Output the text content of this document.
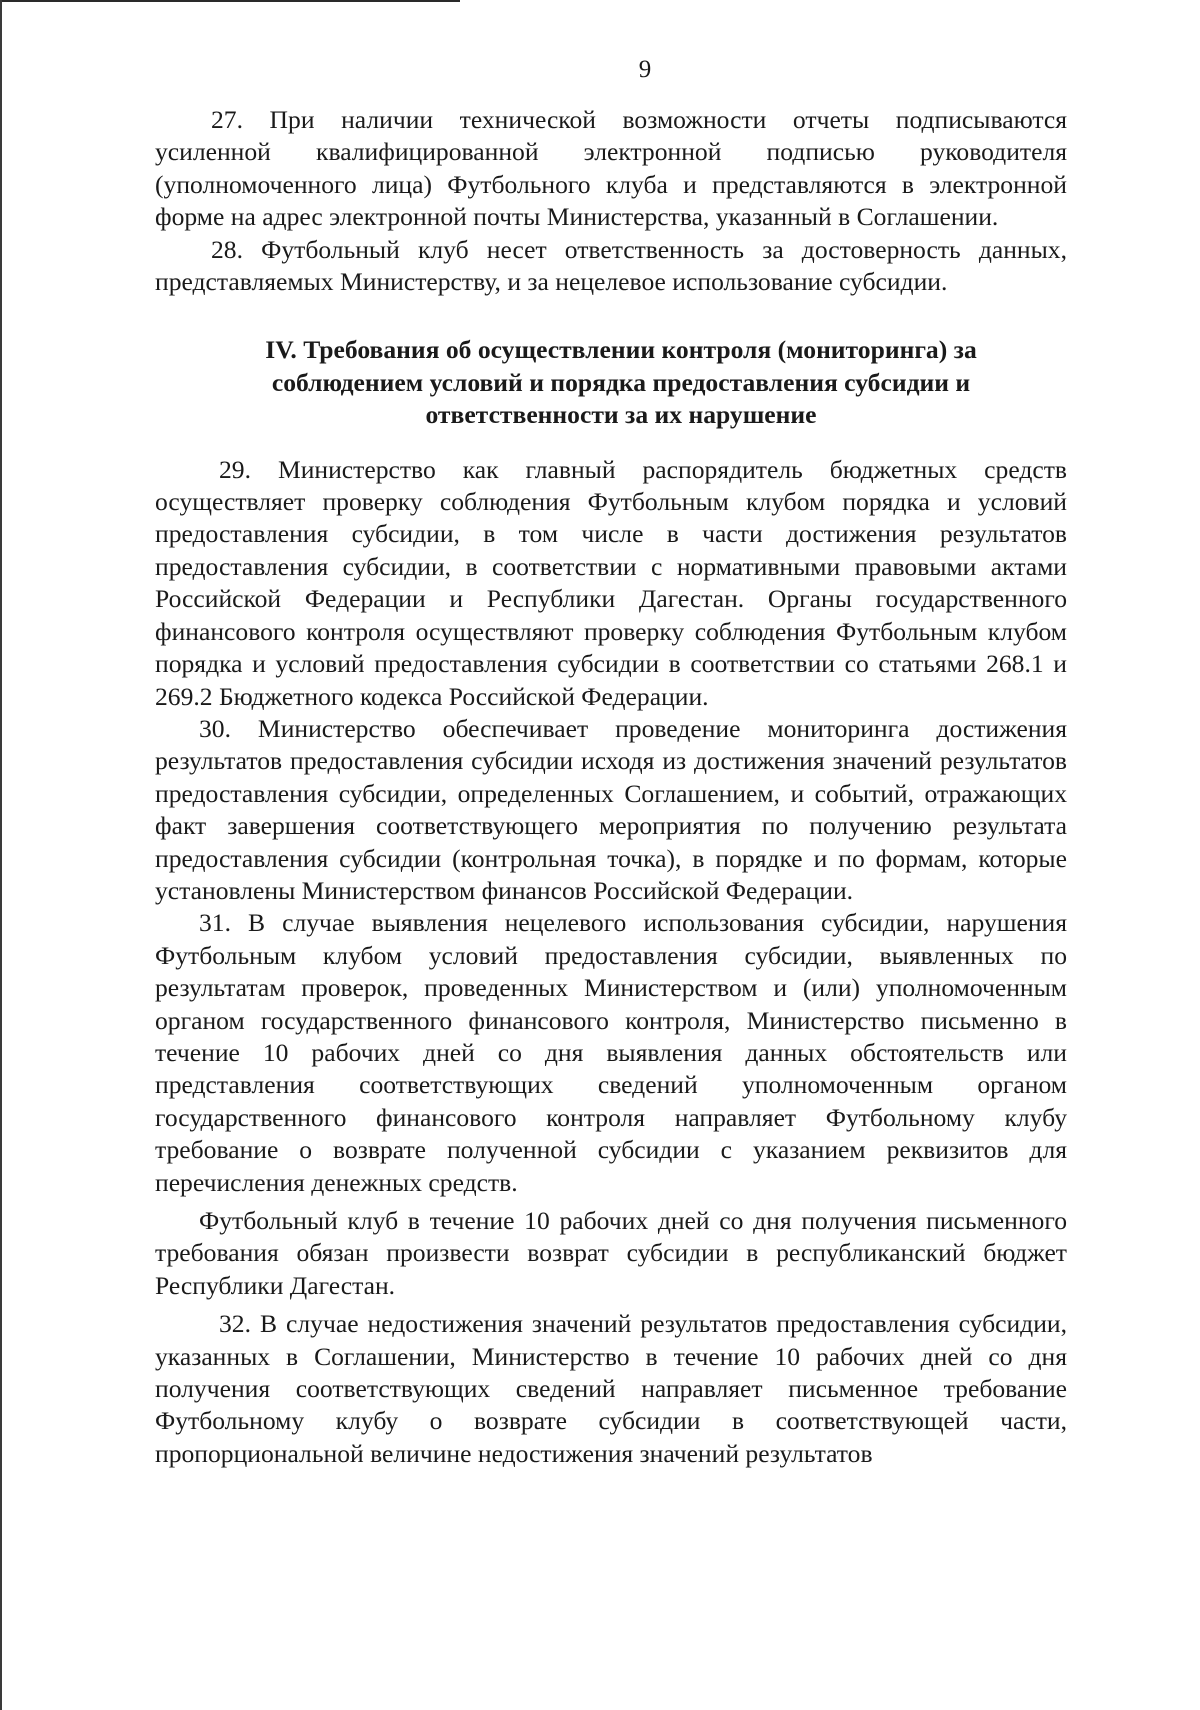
9

27. При наличии технической возможности отчеты подписываются усиленной квалифицированной электронной подписью руководителя (уполномоченного лица) Футбольного клуба и представляются в электронной форме на адрес электронной почты Министерства, указанный в Соглашении.

28. Футбольный клуб несет ответственность за достоверность данных, представляемых Министерству, и за нецелевое использование субсидии.

IV. Требования об осуществлении контроля (мониторинга) за соблюдением условий и порядка предоставления субсидии и ответственности за их нарушение

29. Министерство как главный распорядитель бюджетных средств осуществляет проверку соблюдения Футбольным клубом порядка и условий предоставления субсидии, в том числе в части достижения результатов предоставления субсидии, в соответствии с нормативными правовыми актами Российской Федерации и Республики Дагестан. Органы государственного финансового контроля осуществляют проверку соблюдения Футбольным клубом порядка и условий предоставления субсидии в соответствии со статьями 268.1 и 269.2 Бюджетного кодекса Российской Федерации.

30. Министерство обеспечивает проведение мониторинга достижения результатов предоставления субсидии исходя из достижения значений результатов предоставления субсидии, определенных Соглашением, и событий, отражающих факт завершения соответствующего мероприятия по получению результата предоставления субсидии (контрольная точка), в порядке и по формам, которые установлены Министерством финансов Российской Федерации.

31. В случае выявления нецелевого использования субсидии, нарушения Футбольным клубом условий предоставления субсидии, выявленных по результатам проверок, проведенных Министерством и (или) уполномоченным органом государственного финансового контроля, Министерство письменно в течение 10 рабочих дней со дня выявления данных обстоятельств или представления соответствующих сведений уполномоченным органом государственного финансового контроля направляет Футбольному клубу требование о возврате полученной субсидии с указанием реквизитов для перечисления денежных средств.

Футбольный клуб в течение 10 рабочих дней со дня получения письменного требования обязан произвести возврат субсидии в республиканский бюджет Республики Дагестан.

32. В случае недостижения значений результатов предоставления субсидии, указанных в Соглашении, Министерство в течение 10 рабочих дней со дня получения соответствующих сведений направляет письменное требование Футбольному клубу о возврате субсидии в соответствующей части, пропорциональной величине недостижения значений результатов
